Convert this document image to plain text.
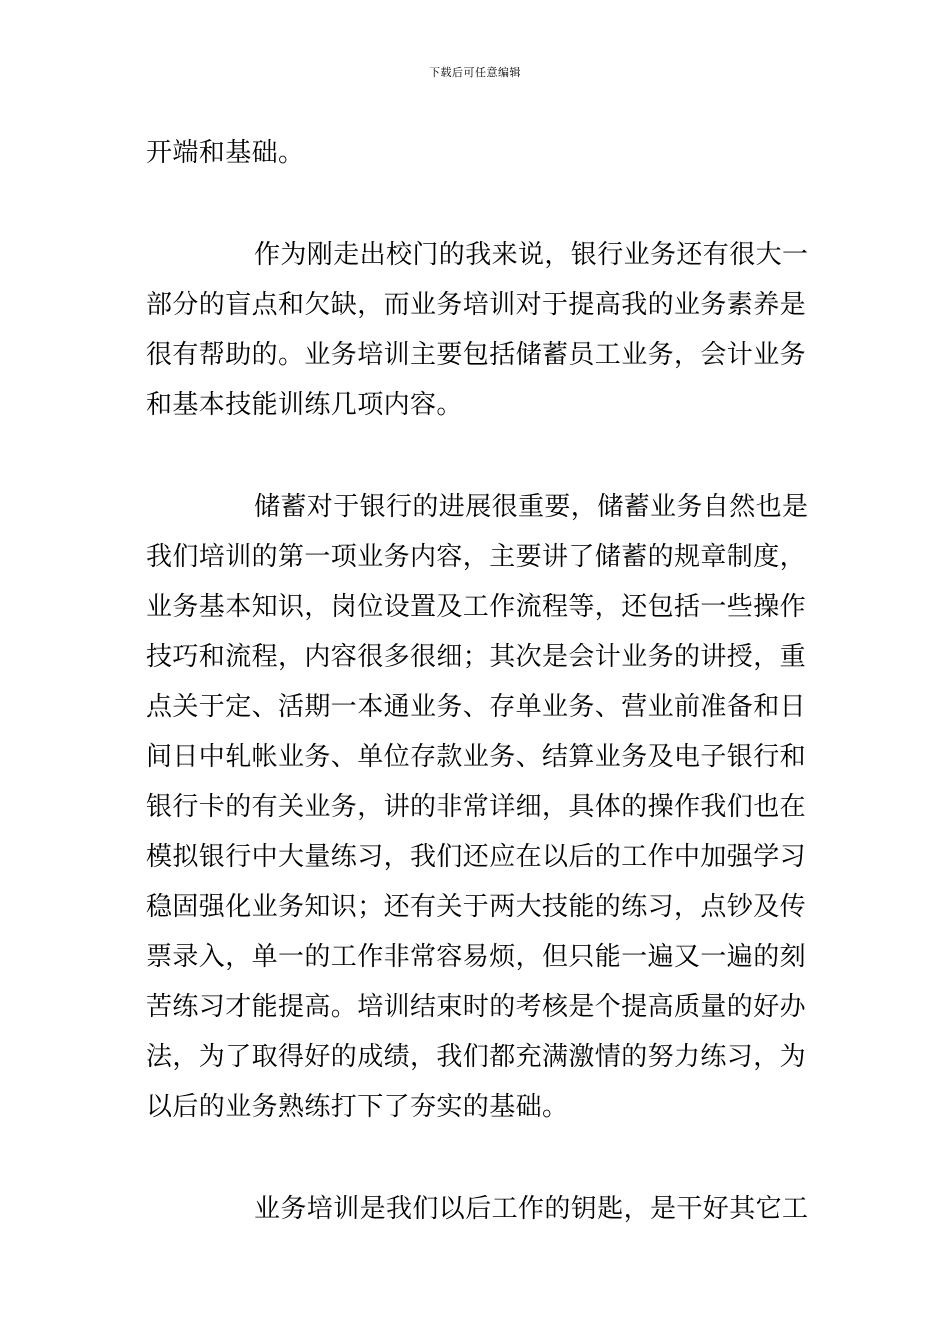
下载后可任意编辑

开端和基础。

作为刚走出校门的我来说，银行业务还有很大一
部分的盲点和欠缺，而业务培训对于提高我的业务素养是
很有帮助的。业务培训主要包括储蓄员工业务，会计业务
和基本技能训练几项内容。

储蓄对于银行的进展很重要，储蓄业务自然也是
我们培训的第一项业务内容，主要讲了储蓄的规章制度，
业务基本知识，岗位设置及工作流程等，还包括一些操作
技巧和流程，内容很多很细；其次是会计业务的讲授，重
点关于定、活期一本通业务、存单业务、营业前准备和日
间日中轧帐业务、单位存款业务、结算业务及电子银行和
银行卡的有关业务，讲的非常详细，具体的操作我们也在
模拟银行中大量练习，我们还应在以后的工作中加强学习
稳固强化业务知识；还有关于两大技能的练习，点钞及传
票录入，单一的工作非常容易烦，但只能一遍又一遍的刻
苦练习才能提高。培训结束时的考核是个提高质量的好办
法，为了取得好的成绩，我们都充满激情的努力练习，为
以后的业务熟练打下了夯实的基础。

业务培训是我们以后工作的钥匙，是干好其它工
